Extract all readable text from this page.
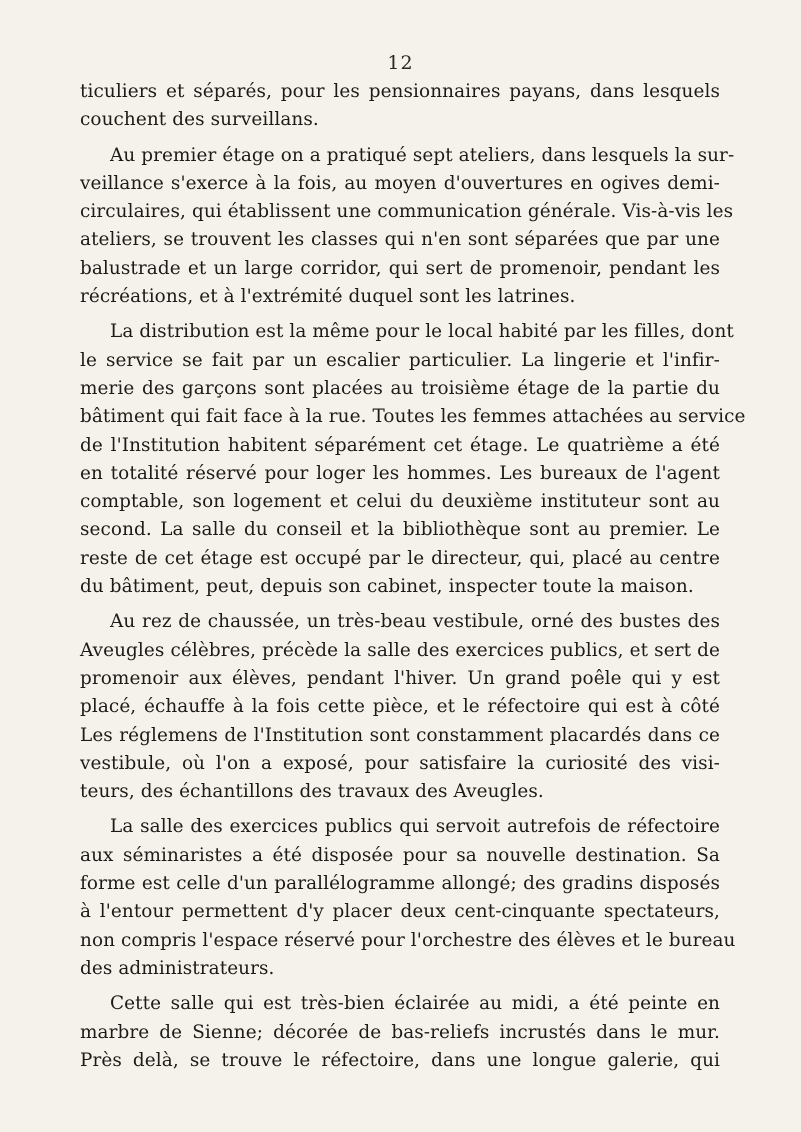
12
ticuliers et séparés, pour les pensionnaires payans, dans lesquels
couchent des surveillans.
Au premier étage on a pratiqué sept ateliers, dans lesquels la sur-
veillance s'exerce à la fois, au moyen d'ouvertures en ogives demi-
circulaires, qui établissent une communication générale. Vis-à-vis les
ateliers, se trouvent les classes qui n'en sont séparées que par une
balustrade et un large corridor, qui sert de promenoir, pendant les
récréations, et à l'extrémité duquel sont les latrines.
La distribution est la même pour le local habité par les filles, dont
le service se fait par un escalier particulier. La lingerie et l'infir-
merie des garçons sont placées au troisième étage de la partie du
bâtiment qui fait face à la rue. Toutes les femmes attachées au service
de l'Institution habitent séparément cet étage. Le quatrième a été
en totalité réservé pour loger les hommes. Les bureaux de l'agent
comptable, son logement et celui du deuxième instituteur sont au
second. La salle du conseil et la bibliothèque sont au premier. Le
reste de cet étage est occupé par le directeur, qui, placé au centre
du bâtiment, peut, depuis son cabinet, inspecter toute la maison.
Au rez de chaussée, un très-beau vestibule, orné des bustes des
Aveugles célèbres, précède la salle des exercices publics, et sert de
promenoir aux élèves, pendant l'hiver. Un grand poêle qui y est
placé, échauffe à la fois cette pièce, et le réfectoire qui est à côté
Les réglemens de l'Institution sont constamment placardés dans ce
vestibule, où l'on a exposé, pour satisfaire la curiosité des visi-
teurs, des échantillons des travaux des Aveugles.
La salle des exercices publics qui servoit autrefois de réfectoire
aux séminaristes a été disposée pour sa nouvelle destination. Sa
forme est celle d'un parallélogramme allongé; des gradins disposés
à l'entour permettent d'y placer deux cent-cinquante spectateurs,
non compris l'espace réservé pour l'orchestre des élèves et le bureau
des administrateurs.
Cette salle qui est très-bien éclairée au midi, a été peinte en
marbre de Sienne; décorée de bas-reliefs incrustés dans le mur.
Près delà, se trouve le réfectoire, dans une longue galerie, qui
